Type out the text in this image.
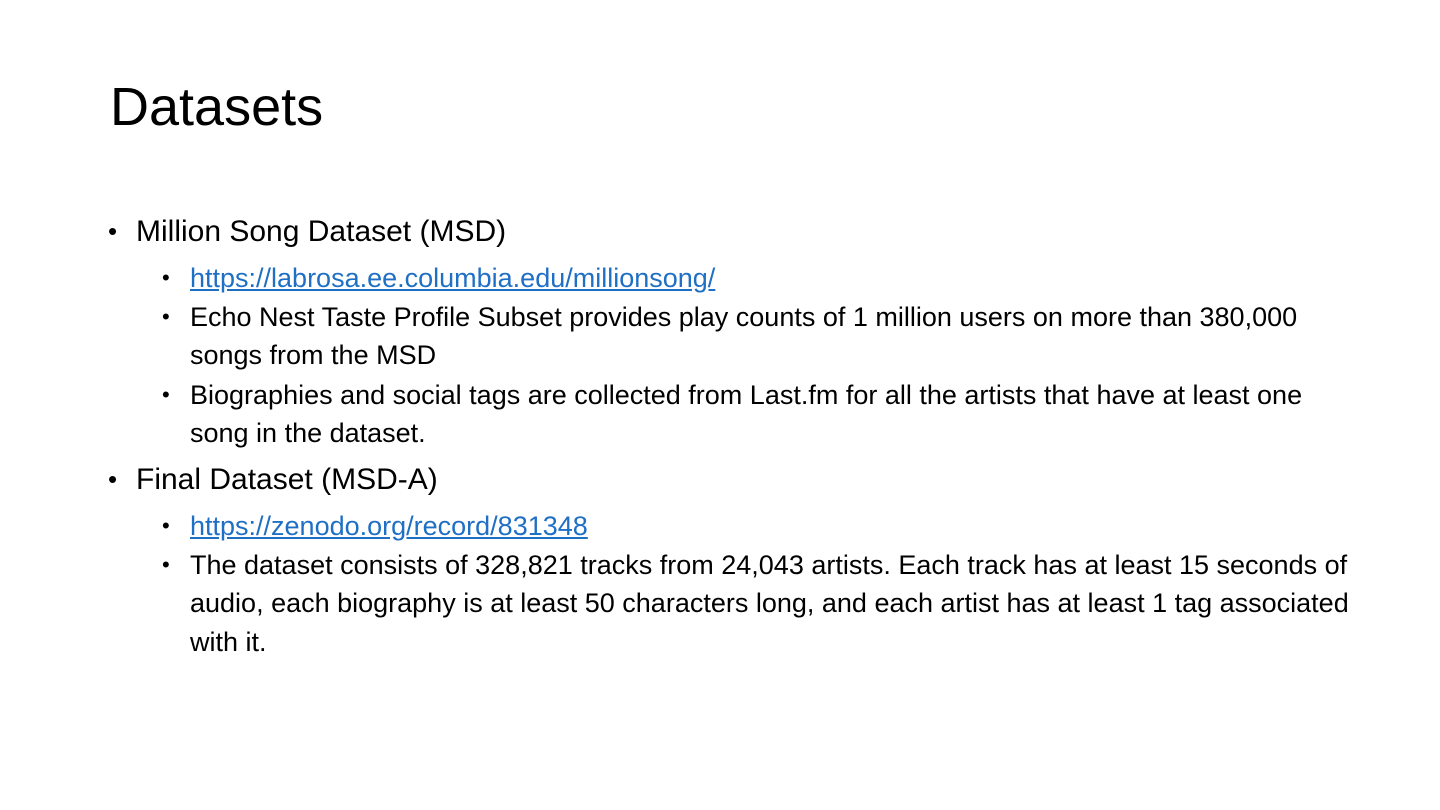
Datasets
• Million Song Dataset (MSD)
• https://labrosa.ee.columbia.edu/millionsong/
• Echo Nest Taste Profile Subset provides play counts of 1 million users on more than 380,000 songs from the MSD
• Biographies and social tags are collected from Last.fm for all the artists that have at least one song in the dataset.
• Final Dataset (MSD-A)
• https://zenodo.org/record/831348
• The dataset consists of 328,821 tracks from 24,043 artists. Each track has at least 15 seconds of audio, each biography is at least 50 characters long, and each artist has at least 1 tag associated with it.
